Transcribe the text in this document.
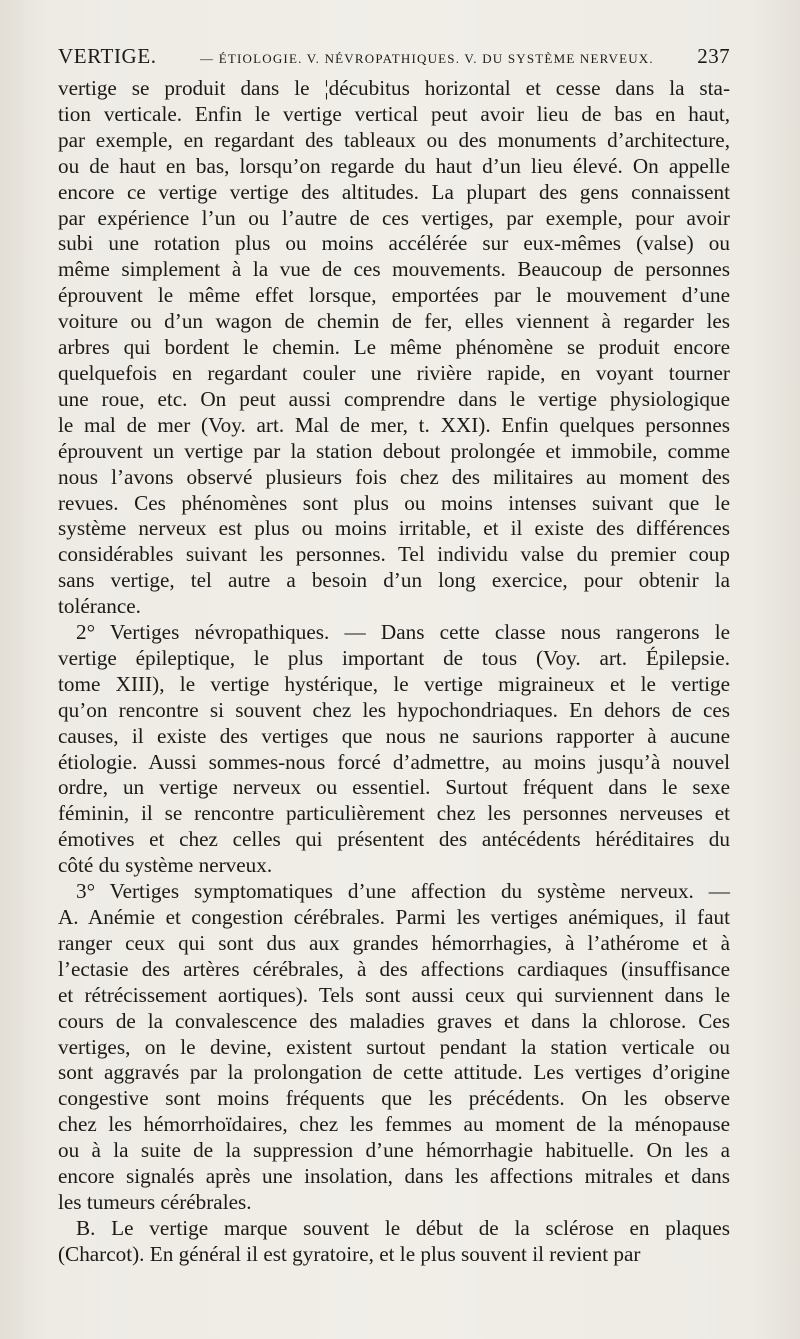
VERTIGE.	— ÉTIOLOGIE. V. NÉVROPATHIQUES. V. DU SYSTÈME NERVEUX.	237

vertige se produit dans le ¦décubitus horizontal et cesse dans la sta-
tion verticale. Enfin le vertige vertical peut avoir lieu de bas en haut,
par exemple, en regardant des tableaux ou des monuments d’architecture,
ou de haut en bas, lorsqu’on regarde du haut d’un lieu élevé. On appelle
encore ce vertige vertige des altitudes. La plupart des gens connaissent
par expérience l’un ou l’autre de ces vertiges, par exemple, pour avoir
subi une rotation plus ou moins accélérée sur eux-mêmes (valse) ou
même simplement à la vue de ces mouvements. Beaucoup de personnes
éprouvent le même effet lorsque, emportées par le mouvement d’une
voiture ou d’un wagon de chemin de fer, elles viennent à regarder les
arbres qui bordent le chemin. Le même phénomène se produit encore
quelquefois en regardant couler une rivière rapide, en voyant tourner
une roue, etc. On peut aussi comprendre dans le vertige physiologique
le mal de mer (Voy. art. Mal de mer, t. XXI). Enfin quelques personnes
éprouvent un vertige par la station debout prolongée et immobile, comme
nous l’avons observé plusieurs fois chez des militaires au moment des
revues. Ces phénomènes sont plus ou moins intenses suivant que le
système nerveux est plus ou moins irritable, et il existe des différences
considérables suivant les personnes. Tel individu valse du premier coup
sans vertige, tel autre a besoin d’un long exercice, pour obtenir la
tolérance.

2° Vertiges névropathiques. — Dans cette classe nous rangerons le
vertige épileptique, le plus important de tous (Voy. art. Épilepsie.
tome XIII), le vertige hystérique, le vertige migraineux et le vertige
qu’on rencontre si souvent chez les hypochondriaques. En dehors de ces
causes, il existe des vertiges que nous ne saurions rapporter à aucune
étiologie. Aussi sommes-nous forcé d’admettre, au moins jusqu’à nouvel
ordre, un vertige nerveux ou essentiel. Surtout fréquent dans le sexe
féminin, il se rencontre particulièrement chez les personnes nerveuses et
émotives et chez celles qui présentent des antécédents héréditaires du
côté du système nerveux.

3° Vertiges symptomatiques d’une affection du système nerveux. —
A. Anémie et congestion cérébrales. Parmi les vertiges anémiques, il faut
ranger ceux qui sont dus aux grandes hémorrhagies, à l’athérome et à
l’ectasie des artères cérébrales, à des affections cardiaques (insuffisance
et rétrécissement aortiques). Tels sont aussi ceux qui surviennent dans le
cours de la convalescence des maladies graves et dans la chlorose. Ces
vertiges, on le devine, existent surtout pendant la station verticale ou
sont aggravés par la prolongation de cette attitude. Les vertiges d’origine
congestive sont moins fréquents que les précédents. On les observe
chez les hémorrhoïdaires, chez les femmes au moment de la ménopause
ou à la suite de la suppression d’une hémorrhagie habituelle. On les a
encore signalés après une insolation, dans les affections mitrales et dans
les tumeurs cérébrales.

B. Le vertige marque souvent le début de la sclérose en plaques
(Charcot). En général il est gyratoire, et le plus souvent il revient par
